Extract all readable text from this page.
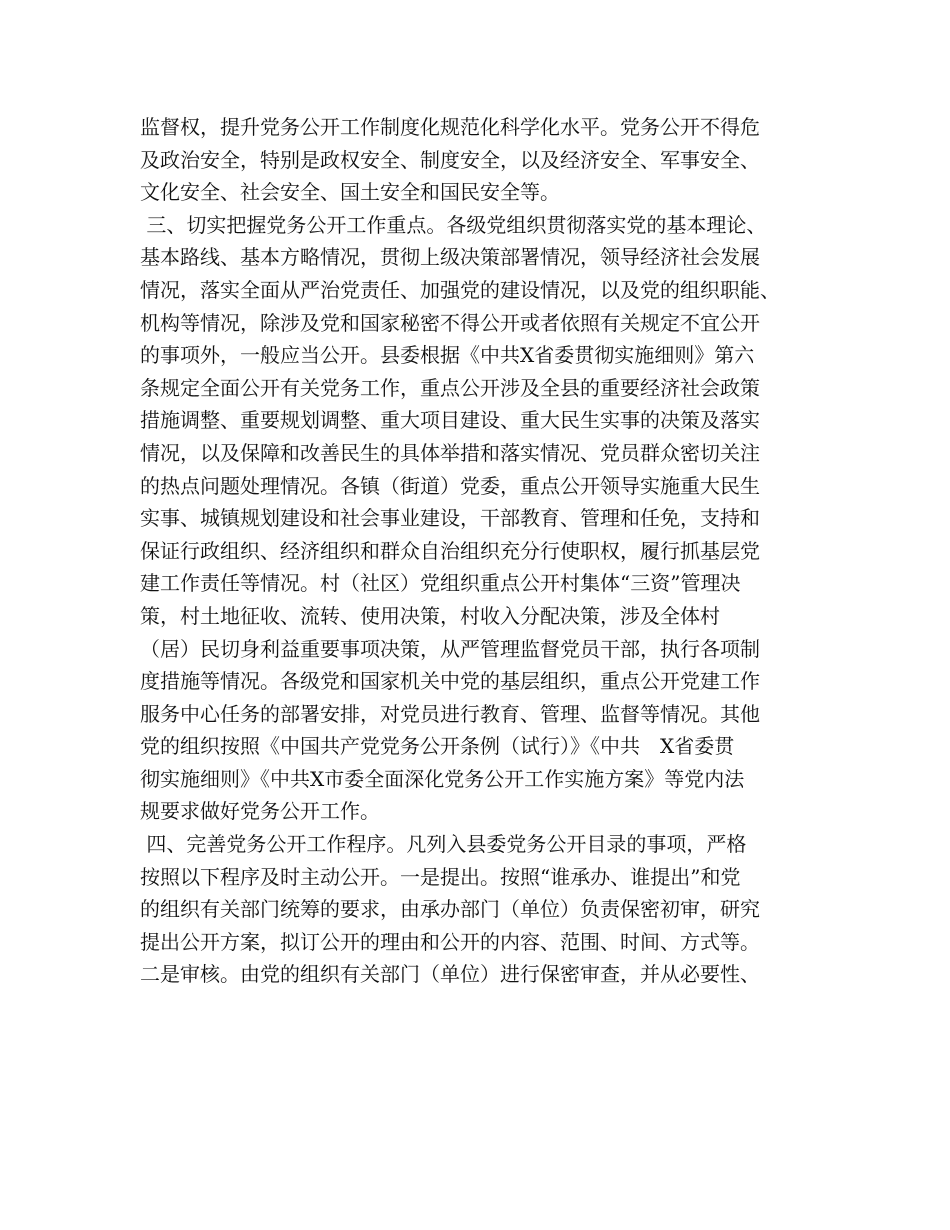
监督权，提升党务公开工作制度化规范化科学化水平。党务公开不得危
及政治安全，特别是政权安全、制度安全，以及经济安全、军事安全、
文化安全、社会安全、国土安全和国民安全等。
三、切实把握党务公开工作重点。各级党组织贯彻落实党的基本理论、
基本路线、基本方略情况，贯彻上级决策部署情况，领导经济社会发展
情况，落实全面从严治党责任、加强党的建设情况，以及党的组织职能、
机构等情况，除涉及党和国家秘密不得公开或者依照有关规定不宜公开
的事项外，一般应当公开。县委根据《中共X省委贯彻实施细则》第六
条规定全面公开有关党务工作，重点公开涉及全县的重要经济社会政策
措施调整、重要规划调整、重大项目建设、重大民生实事的决策及落实
情况，以及保障和改善民生的具体举措和落实情况、党员群众密切关注
的热点问题处理情况。各镇（街道）党委，重点公开领导实施重大民生
实事、城镇规划建设和社会事业建设，干部教育、管理和任免，支持和
保证行政组织、经济组织和群众自治组织充分行使职权，履行抓基层党
建工作责任等情况。村（社区）党组织重点公开村集体“三资”管理决
策，村土地征收、流转、使用决策，村收入分配决策，涉及全体村
（居）民切身利益重要事项决策，从严管理监督党员干部，执行各项制
度措施等情况。各级党和国家机关中党的基层组织，重点公开党建工作
服务中心任务的部署安排，对党员进行教育、管理、监督等情况。其他
党的组织按照《中国共产党党务公开条例（试行）》《中共　X省委贯
彻实施细则》《中共X市委全面深化党务公开工作实施方案》等党内法
规要求做好党务公开工作。
四、完善党务公开工作程序。凡列入县委党务公开目录的事项，严格
按照以下程序及时主动公开。一是提出。按照“谁承办、谁提出”和党
的组织有关部门统筹的要求，由承办部门（单位）负责保密初审，研究
提出公开方案，拟订公开的理由和公开的内容、范围、时间、方式等。
二是审核。由党的组织有关部门（单位）进行保密审查，并从必要性、
